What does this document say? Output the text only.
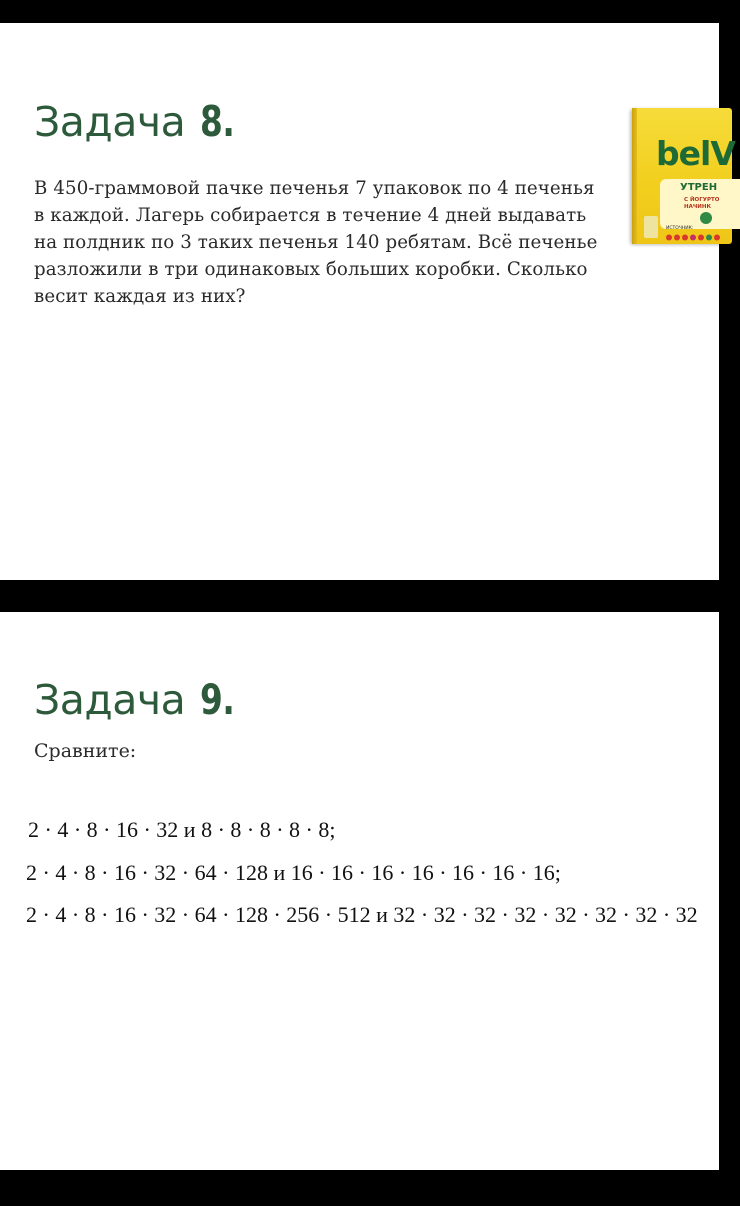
Задача 8.

В 450-граммовой пачке печенья 7 упаковок по 4 печенья
в каждой. Лагерь собирается в течение 4 дней выдавать
на полдник по 3 таких печенья 140 ребятам. Всё печенье
разложили в три одинаковых больших коробки. Сколько
весит каждая из них?

belV
УТРЕН
С ЙОГУРТО
НАЧИНК
ИСТОЧНИК:
Задача 9.

Сравните:

2 · 4 · 8 · 16 · 32 и 8 · 8 · 8 · 8 · 8;

2 · 4 · 8 · 16 · 32 · 64 · 128 и 16 · 16 · 16 · 16 · 16 · 16 · 16;

2 · 4 · 8 · 16 · 32 · 64 · 128 · 256 · 512 и 32 · 32 · 32 · 32 · 32 · 32 · 32 · 32
